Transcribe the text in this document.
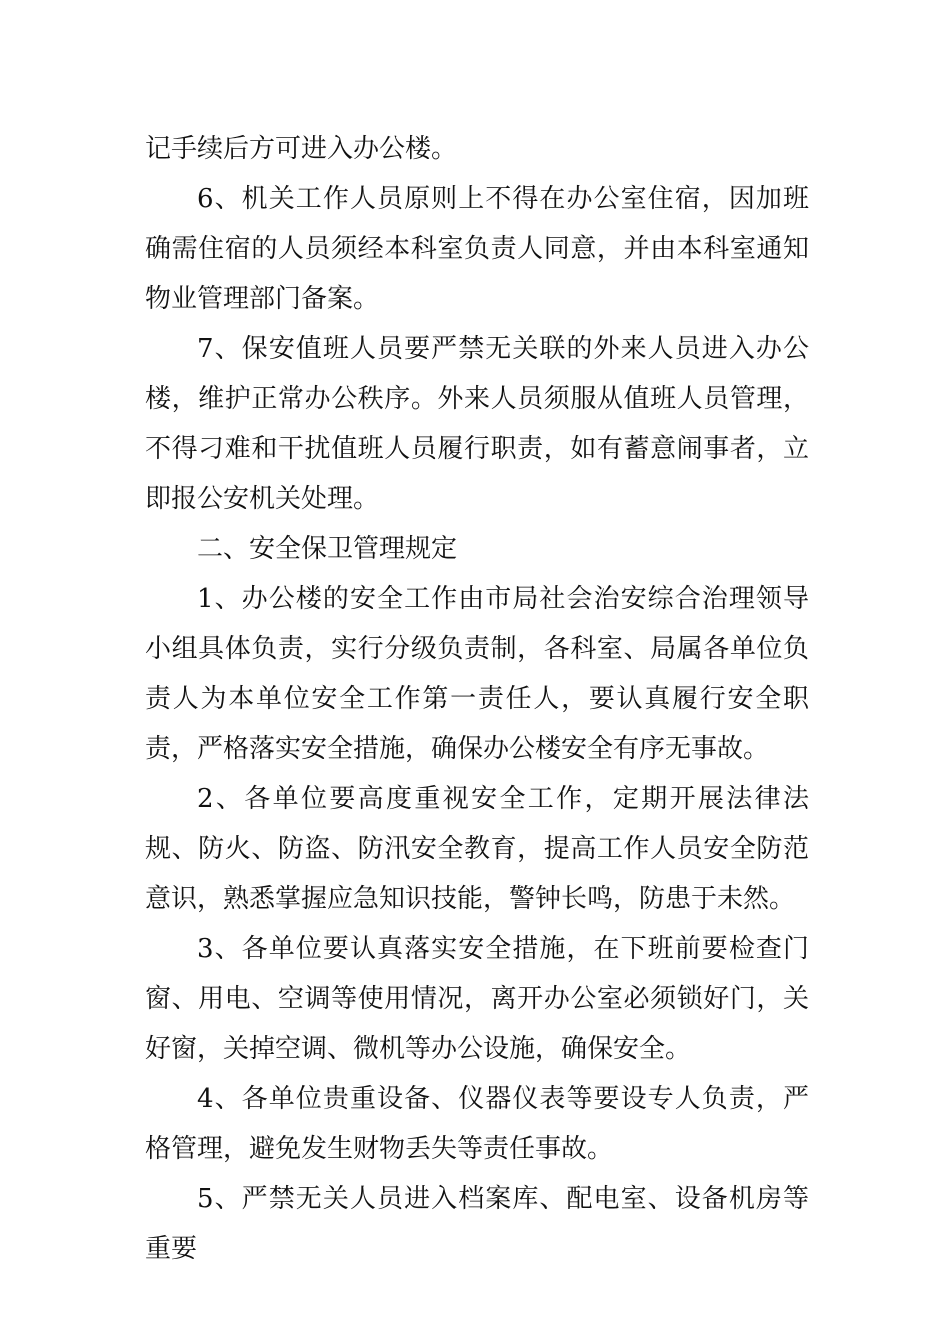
记手续后方可进入办公楼。

6、机关工作人员原则上不得在办公室住宿，因加班确需住宿的人员须经本科室负责人同意，并由本科室通知物业管理部门备案。

7、保安值班人员要严禁无关联的外来人员进入办公楼，维护正常办公秩序。外来人员须服从值班人员管理，不得刁难和干扰值班人员履行职责，如有蓄意闹事者，立即报公安机关处理。

二、安全保卫管理规定

1、办公楼的安全工作由市局社会治安综合治理领导小组具体负责，实行分级负责制，各科室、局属各单位负责人为本单位安全工作第一责任人，要认真履行安全职责，严格落实安全措施，确保办公楼安全有序无事故。

2、各单位要高度重视安全工作，定期开展法律法规、防火、防盗、防汛安全教育，提高工作人员安全防范意识，熟悉掌握应急知识技能，警钟长鸣，防患于未然。

3、各单位要认真落实安全措施，在下班前要检查门窗、用电、空调等使用情况，离开办公室必须锁好门，关好窗，关掉空调、微机等办公设施，确保安全。

4、各单位贵重设备、仪器仪表等要设专人负责，严格管理，避免发生财物丢失等责任事故。

5、严禁无关人员进入档案库、配电室、设备机房等重要
